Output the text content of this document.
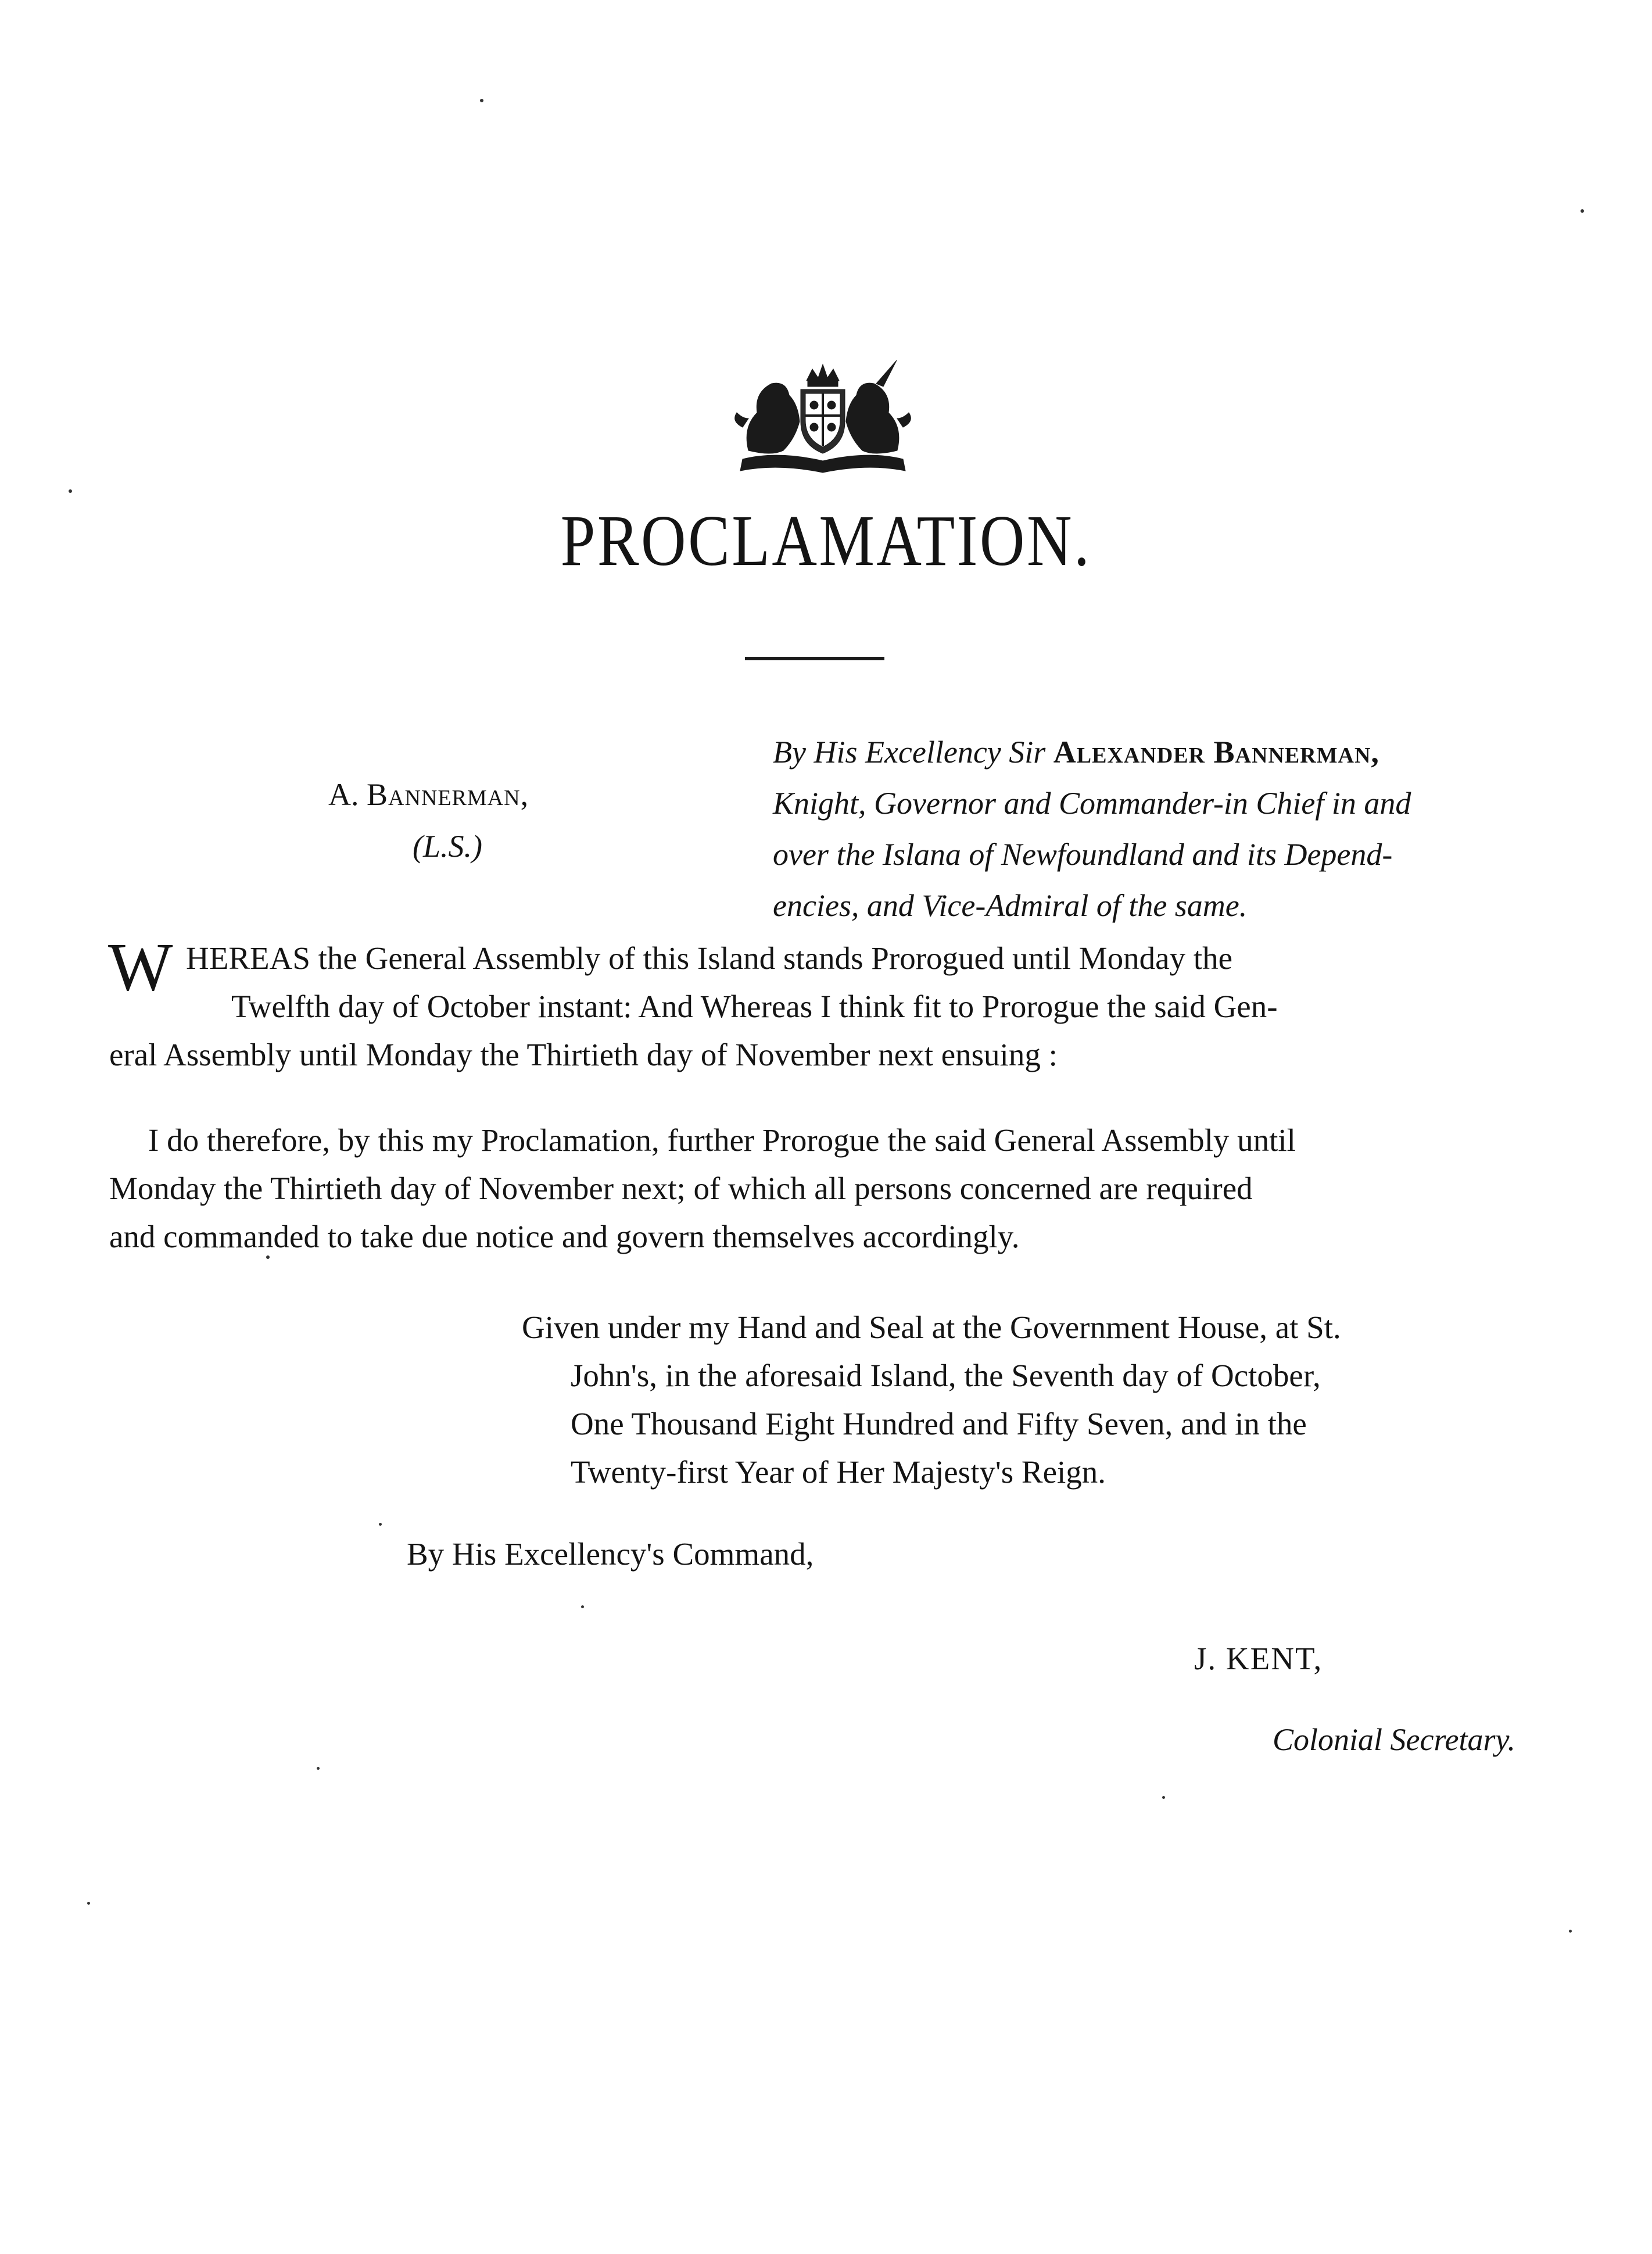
PROCLAMATION.
A. Bannerman,
(L.S.)
By His Excellency Sir Alexander Bannerman,
Knight, Governor and Commander-in Chief in and
over the Islana of Newfoundland and its Depend-
encies, and Vice-Admiral of the same.
W HEREAS the General Assembly of this Island stands Prorogued until Monday the
Twelfth day of October instant: And Whereas I think fit to Prorogue the said Gen-
eral Assembly until Monday the Thirtieth day of November next ensuing :
I do therefore, by this my Proclamation, further Prorogue the said General Assembly until
Monday the Thirtieth day of November next; of which all persons concerned are required
and commanded to take due notice and govern themselves accordingly.
Given under my Hand and Seal at the Government House, at St.
John's, in the aforesaid Island, the Seventh day of October,
One Thousand Eight Hundred and Fifty Seven, and in the
Twenty-first Year of Her Majesty's Reign.
By His Excellency's Command,
J. KENT,
Colonial Secretary.
